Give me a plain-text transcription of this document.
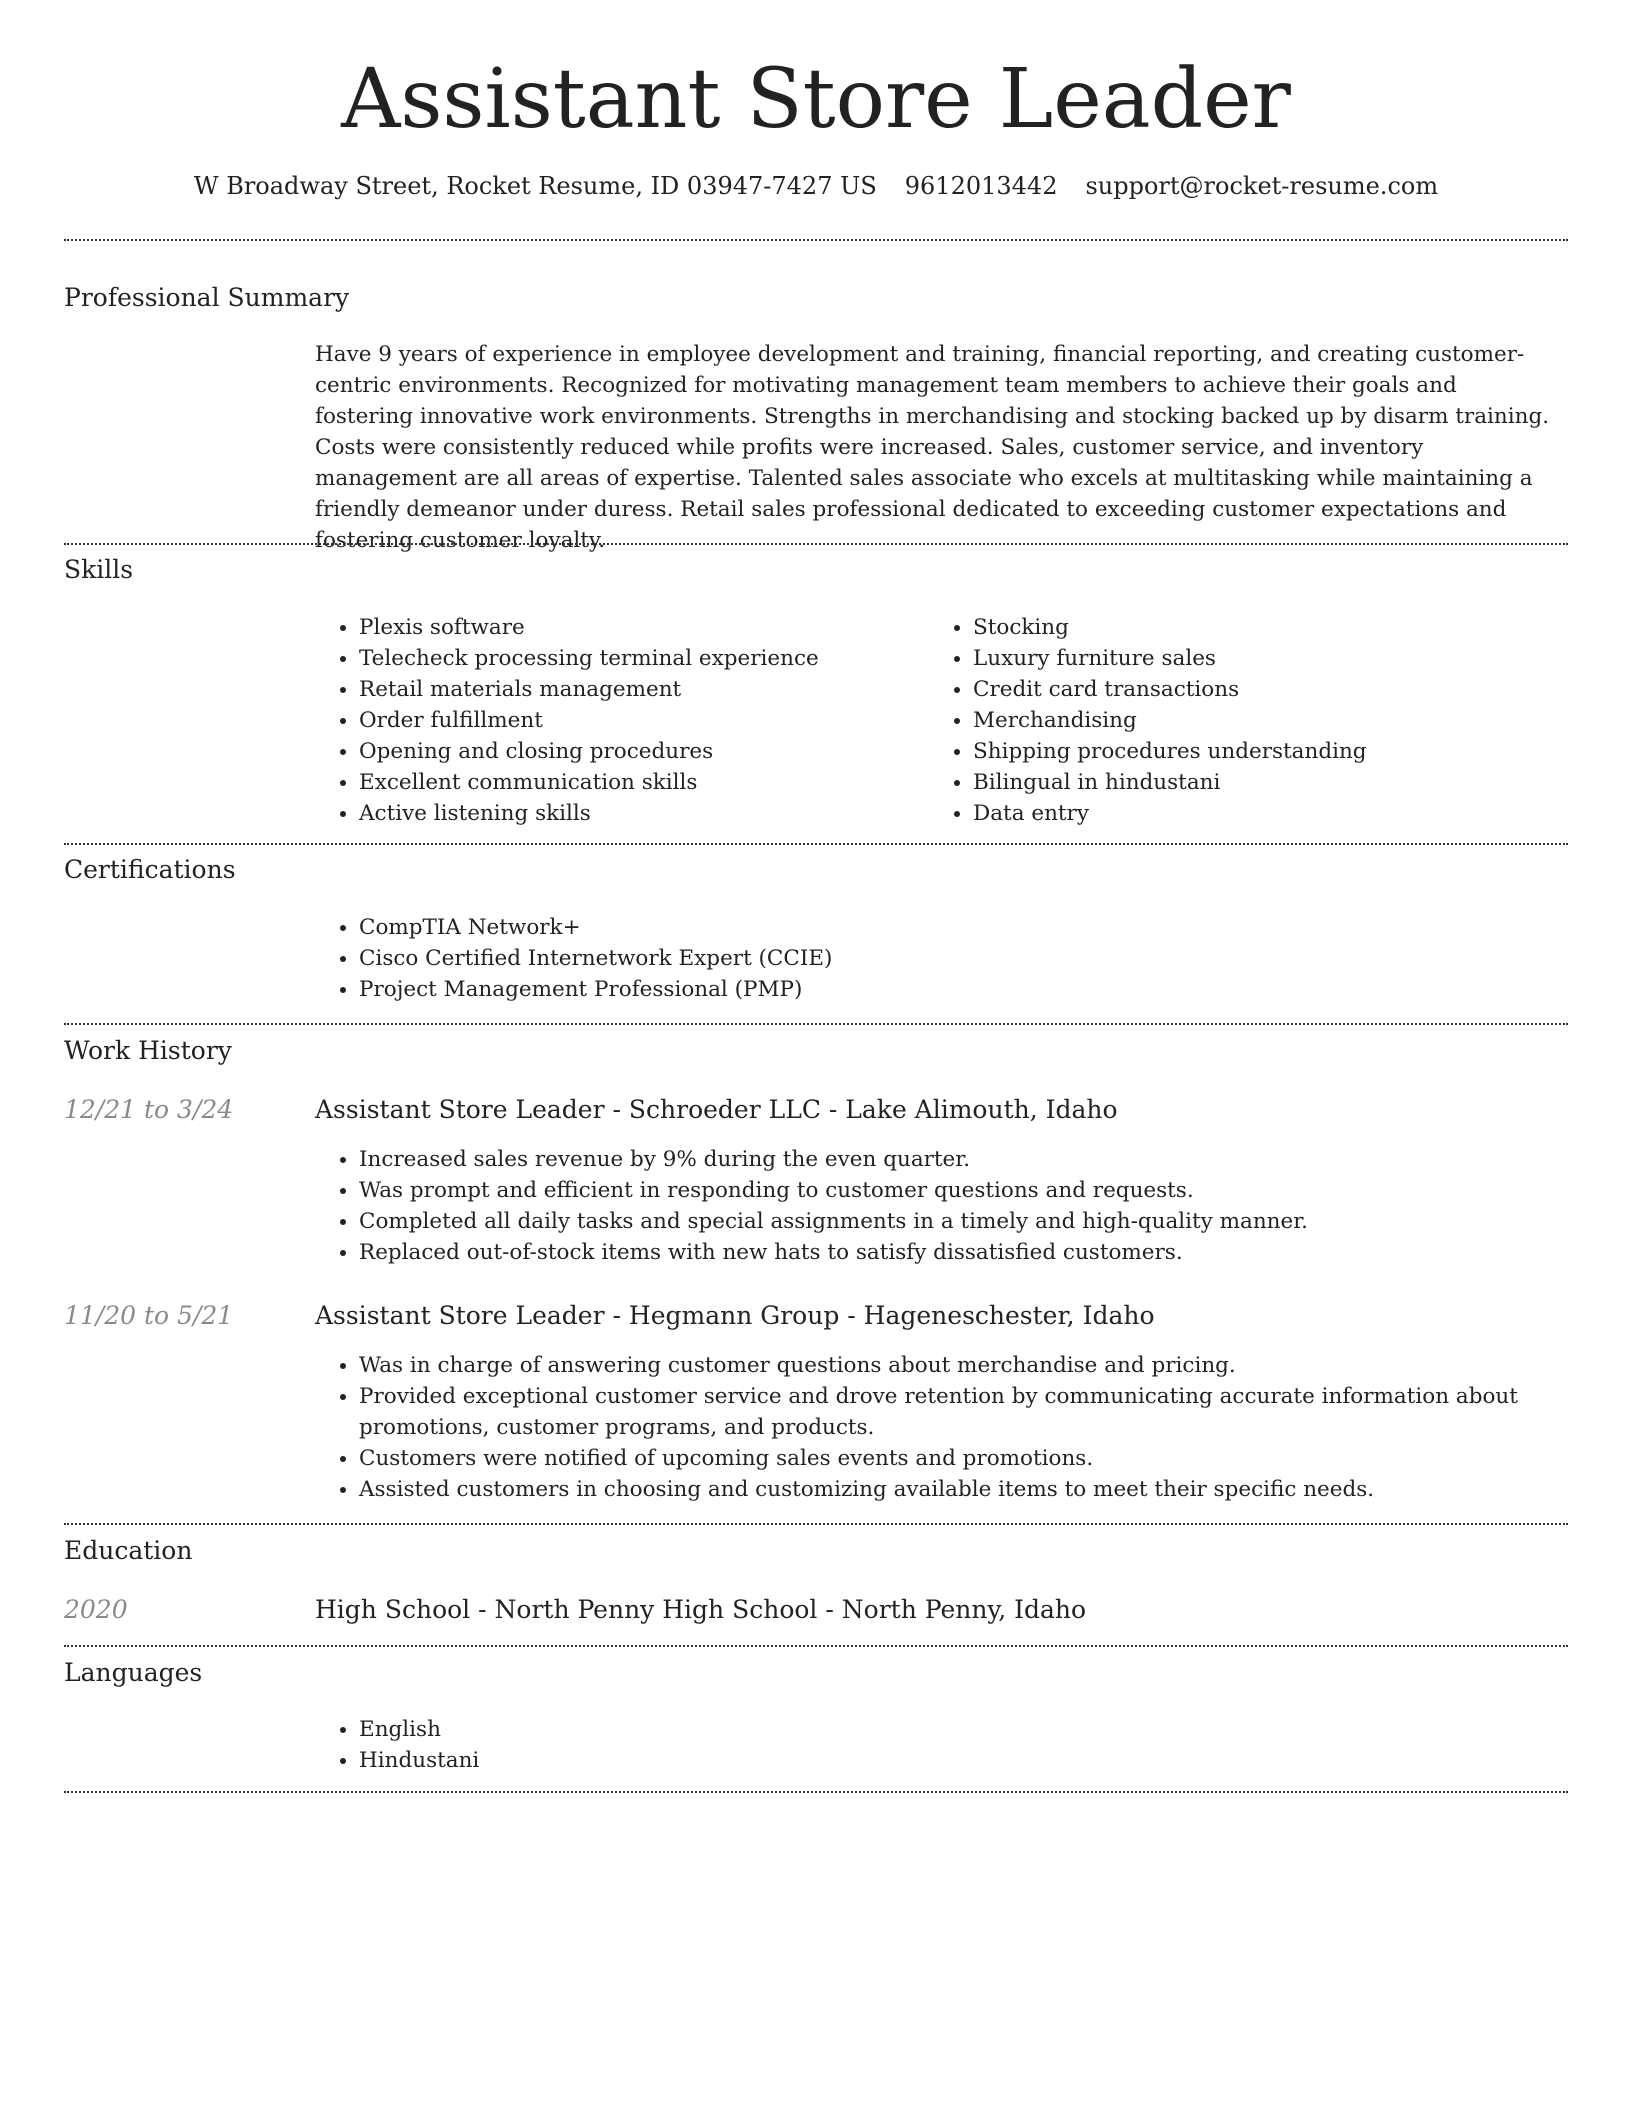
Assistant Store Leader
W Broadway Street, Rocket Resume, ID 03947-7427 US 9612013442 support@rocket-resume.com
Professional Summary
Have 9 years of experience in employee development and training, financial reporting, and creating customer-centric environments. Recognized for motivating management team members to achieve their goals and fostering innovative work environments. Strengths in merchandising and stocking backed up by disarm training. Costs were consistently reduced while profits were increased. Sales, customer service, and inventory management are all areas of expertise. Talented sales associate who excels at multitasking while maintaining a friendly demeanor under duress. Retail sales professional dedicated to exceeding customer expectations and fostering customer loyalty.
Skills
• Plexis software
• Telecheck processing terminal experience
• Retail materials management
• Order fulfillment
• Opening and closing procedures
• Excellent communication skills
• Active listening skills
• Stocking
• Luxury furniture sales
• Credit card transactions
• Merchandising
• Shipping procedures understanding
• Bilingual in hindustani
• Data entry
Certifications
• CompTIA Network+
• Cisco Certified Internetwork Expert (CCIE)
• Project Management Professional (PMP)
Work History
12/21 to 3/24	Assistant Store Leader - Schroeder LLC - Lake Alimouth, Idaho
• Increased sales revenue by 9% during the even quarter.
• Was prompt and efficient in responding to customer questions and requests.
• Completed all daily tasks and special assignments in a timely and high-quality manner.
• Replaced out-of-stock items with new hats to satisfy dissatisfied customers.
11/20 to 5/21	Assistant Store Leader - Hegmann Group - Hageneschester, Idaho
• Was in charge of answering customer questions about merchandise and pricing.
• Provided exceptional customer service and drove retention by communicating accurate information about promotions, customer programs, and products.
• Customers were notified of upcoming sales events and promotions.
• Assisted customers in choosing and customizing available items to meet their specific needs.
Education
2020	High School - North Penny High School - North Penny, Idaho
Languages
• English
• Hindustani
